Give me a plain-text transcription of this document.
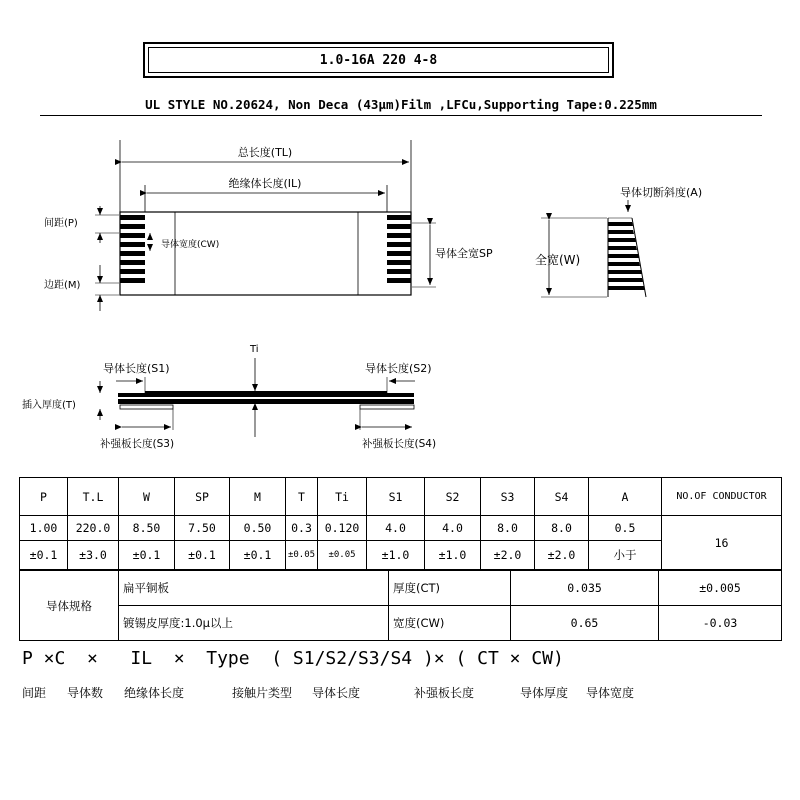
1.0-16A 220 4-8
UL STYLE NO.20624, Non Deca (43μm)Film ,LFCu,Supporting Tape:0.225mm
总长度(TL)
绝缘体长度(IL)
间距(P)
导体宽度(CW)
边距(M)
导体全宽SP
导体切断斜度(A)
全宽(W)
Ti
导体长度(S1)	导体长度(S2)
插入厚度(T)
补强板长度(S3)	补强板长度(S4)
P	T.L	W	SP	M	T	Ti	S1	S2	S3	S4	A	NO.OF CONDUCTOR
1.00	220.0	8.50	7.50	0.50	0.3	0.120	4.0	4.0	8.0	8.0	0.5	16
±0.1	±3.0	±0.1	±0.1	±0.1	±0.05	±0.05	±1.0	±1.0	±2.0	±2.0	小于	
导体规格	扁平铜板	厚度(CT)	0.035	±0.005
	镀锡皮厚度:1.0μ以上	宽度(CW)	0.65	-0.03
P ×C  ×   IL  ×  Type  ( S1/S2/S3/S4 )× ( CT × CW)
间距 导体数 绝缘体长度	接触片类型 导体长度	补强板长度	导体厚度 导体宽度
